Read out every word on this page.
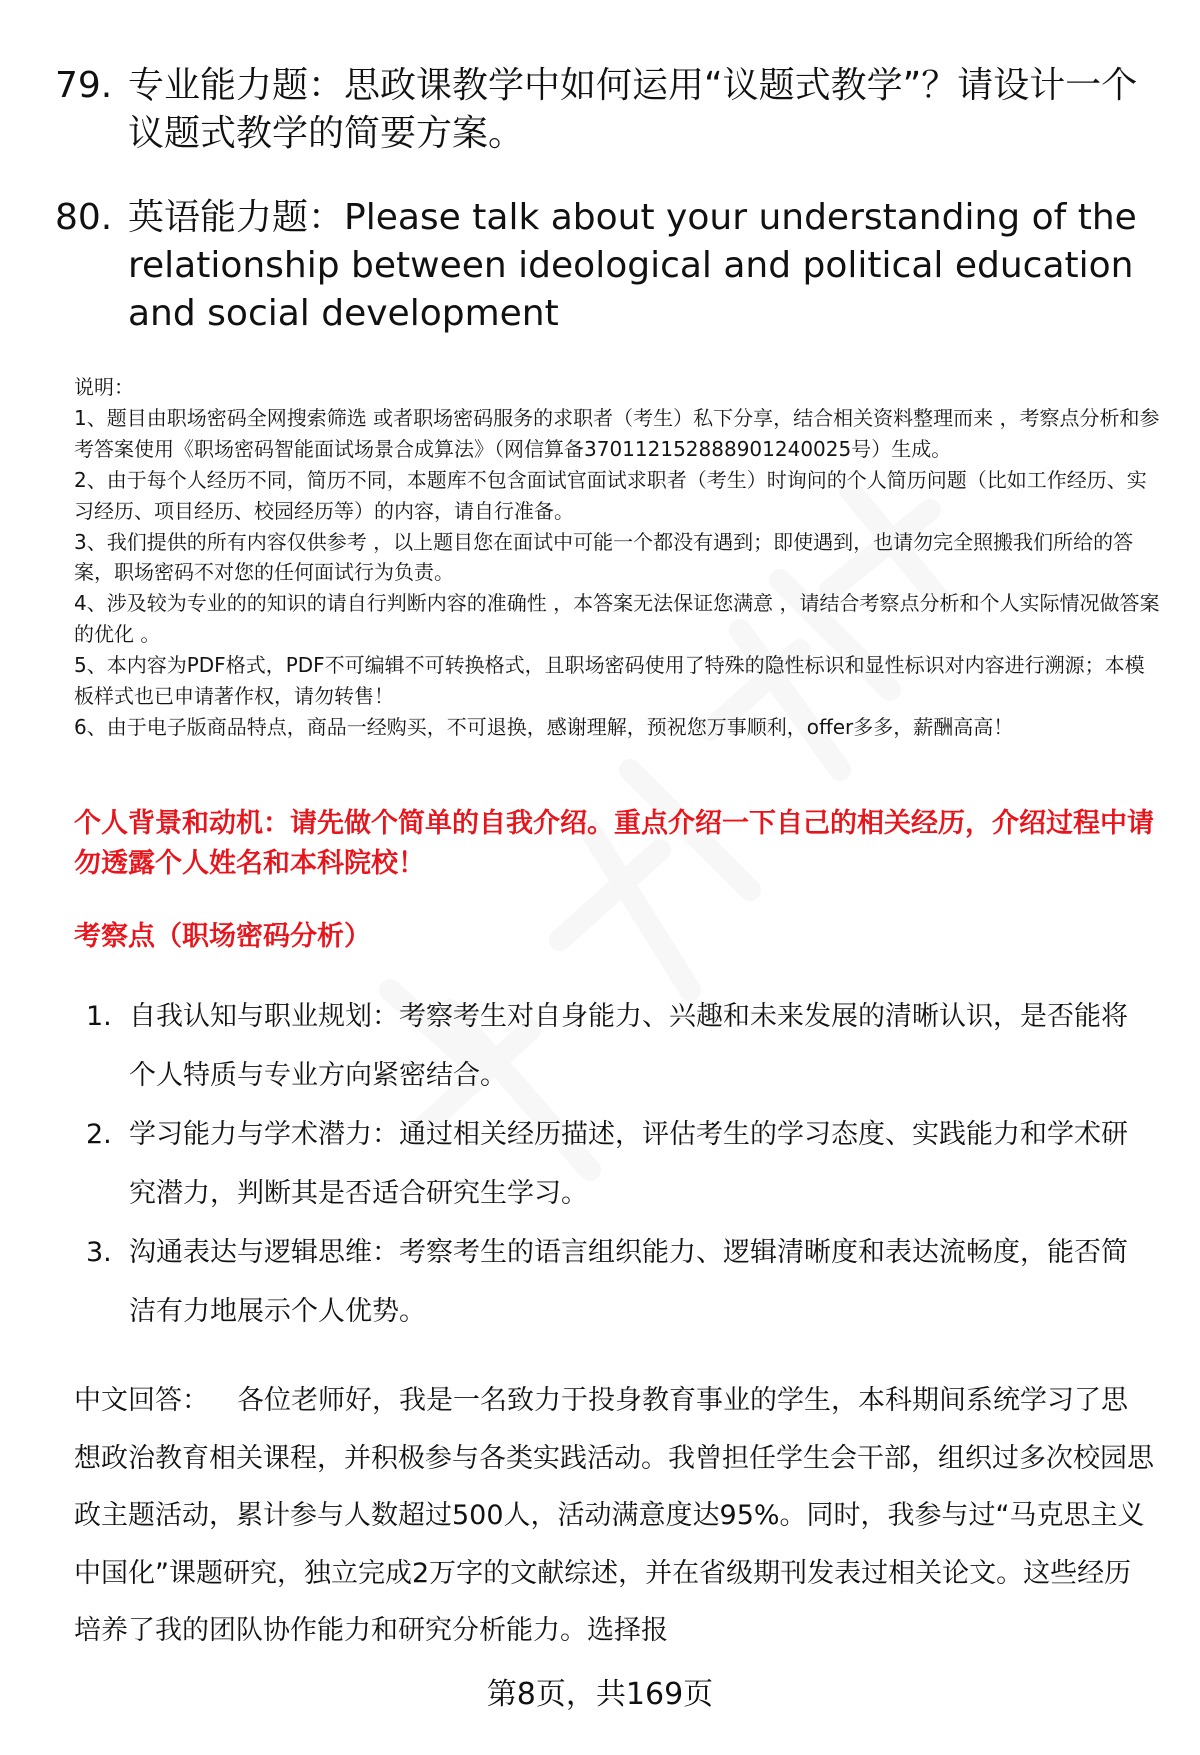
79. 专业能力题：思政课教学中如何运用“议题式教学”？请设计一个议题式教学的简要方案。
80. 英语能力题：Please talk about your understanding of the relationship between ideological and political education and social development

说明：

1、题目由职场密码全网搜索筛选 或者职场密码服务的求职者（考生）私下分享，结合相关资料整理而来 ，考察点分析和参考答案使用《职场密码智能面试场景合成算法》（网信算备370112152888901240025号）生成。

2、由于每个人经历不同，简历不同，本题库不包含面试官面试求职者（考生）时询问的个人简历问题（比如工作经历、实习经历、项目经历、校园经历等）的内容，请自行准备。

3、我们提供的所有内容仅供参考 ，以上题目您在面试中可能一个都没有遇到；即使遇到，也请勿完全照搬我们所给的答案，职场密码不对您的任何面试行为负责。

4、涉及较为专业的的知识的请自行判断内容的准确性 ，本答案无法保证您满意 ，请结合考察点分析和个人实际情况做答案的优化 。

5、本内容为PDF格式，PDF不可编辑不可转换格式，且职场密码使用了特殊的隐性标识和显性标识对内容进行溯源；本模板样式也已申请著作权，请勿转售！

6、由于电子版商品特点，商品一经购买，不可退换，感谢理解，预祝您万事顺利，offer多多，薪酬高高！

个人背景和动机：请先做个简单的自我介绍。重点介绍一下自己的相关经历，介绍过程中请勿透露个人姓名和本科院校！
考察点（职场密码分析）
1. 自我认知与职业规划：考察考生对自身能力、兴趣和未来发展的清晰认识，是否能将个人特质与专业方向紧密结合。
2. 学习能力与学术潜力：通过相关经历描述，评估考生的学习态度、实践能力和学术研究潜力，判断其是否适合研究生学习。
3. 沟通表达与逻辑思维：考察考生的语言组织能力、逻辑清晰度和表达流畅度，能否简洁有力地展示个人优势。
中文回答： 各位老师好，我是一名致力于投身教育事业的学生，本科期间系统学习了思想政治教育相关课程，并积极参与各类实践活动。我曾担任学生会干部，组织过多次校园思政主题活动，累计参与人数超过500人，活动满意度达95%。同时，我参与过“马克思主义中国化”课题研究，独立完成2万字的文献综述，并在省级期刊发表过相关论文。这些经历培养了我的团队协作能力和研究分析能力。选择报
第8页，共169页
